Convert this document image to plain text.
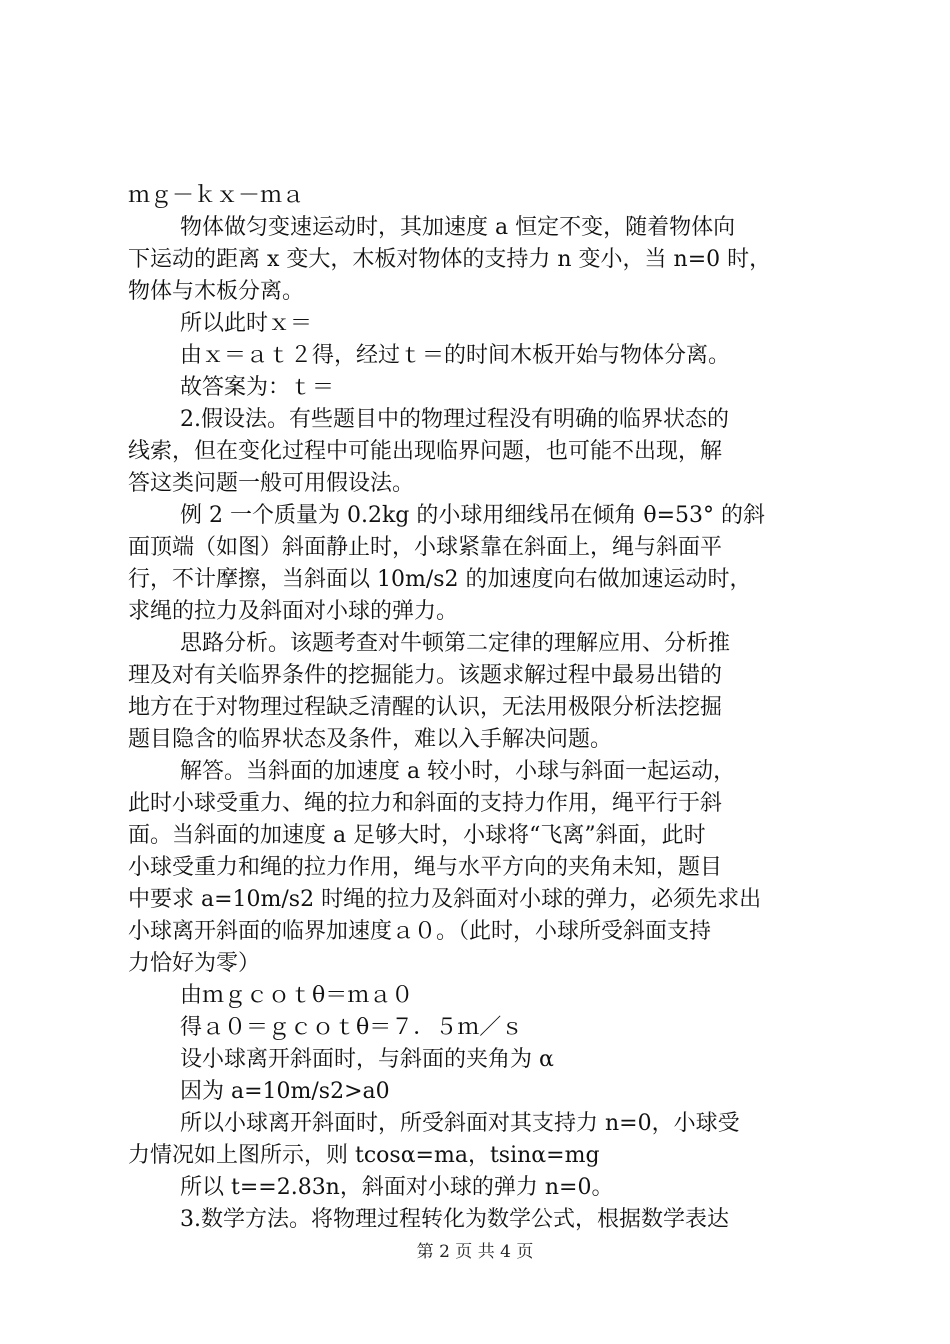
ｍｇ－ｋｘ－ｍａ
物体做匀变速运动时，其加速度 a 恒定不变，随着物体向
下运动的距离 x 变大，木板对物体的支持力 n 变小，当 n=0 时，
物体与木板分离。
所以此时ｘ＝
由ｘ＝ａｔ２得，经过ｔ＝的时间木板开始与物体分离。
故答案为：ｔ＝
2.假设法。有些题目中的物理过程没有明确的临界状态的
线索，但在变化过程中可能出现临界问题，也可能不出现，解
答这类问题一般可用假设法。
例 2 一个质量为 0.2kg 的小球用细线吊在倾角 θ=53° 的斜
面顶端（如图）斜面静止时，小球紧靠在斜面上，绳与斜面平
行，不计摩擦，当斜面以 10m/s2 的加速度向右做加速运动时，
求绳的拉力及斜面对小球的弹力。
思路分析。该题考查对牛顿第二定律的理解应用、分析推
理及对有关临界条件的挖掘能力。该题求解过程中最易出错的
地方在于对物理过程缺乏清醒的认识，无法用极限分析法挖掘
题目隐含的临界状态及条件，难以入手解决问题。
解答。当斜面的加速度 a 较小时，小球与斜面一起运动，
此时小球受重力、绳的拉力和斜面的支持力作用，绳平行于斜
面。当斜面的加速度 a 足够大时，小球将“飞离”斜面，此时
小球受重力和绳的拉力作用，绳与水平方向的夹角未知，题目
中要求 a=10m/s2 时绳的拉力及斜面对小球的弹力，必须先求出
小球离开斜面的临界加速度ａ０。（此时，小球所受斜面支持
力恰好为零）
由ｍｇｃｏｔθ＝ｍａ０
得ａ０＝ｇｃｏｔθ＝７．５ｍ／ｓ
设小球离开斜面时，与斜面的夹角为 α
因为 a=10m/s2>a0
所以小球离开斜面时，所受斜面对其支持力 n=0，小球受
力情况如上图所示，则 tcosα=ma，tsinα=mg
所以 t==2.83n，斜面对小球的弹力 n=0。
3.数学方法。将物理过程转化为数学公式，根据数学表达
第 2 页 共 4 页
